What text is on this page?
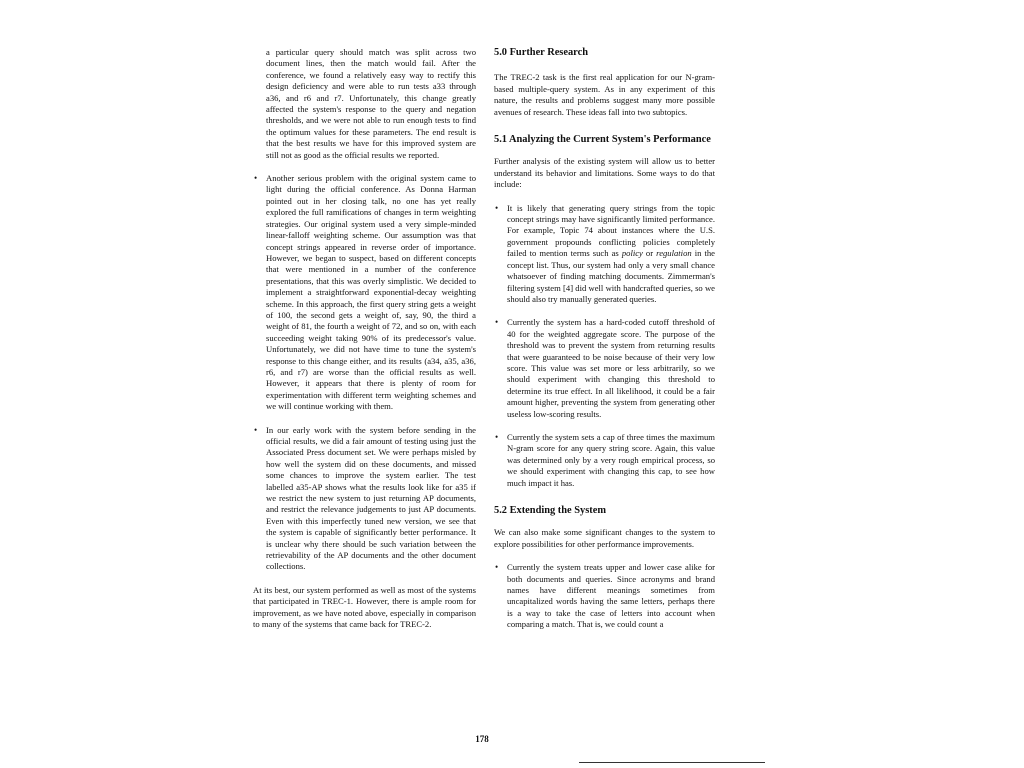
a particular query should match was split across two document lines, then the match would fail. After the conference, we found a relatively easy way to rectify this design deficiency and were able to run tests a33 through a36, and r6 and r7. Unfortunately, this change greatly affected the system's response to the query and negation thresholds, and we were not able to run enough tests to find the optimum values for these parameters. The end result is that the best results we have for this improved system are still not as good as the official results we reported.

• Another serious problem with the original system came to light during the official conference. As Donna Harman pointed out in her closing talk, no one has yet really explored the full ramifications of changes in term weighting strategies. Our original system used a very simple-minded linear-falloff weighting scheme. Our assumption was that concept strings appeared in reverse order of importance. However, we began to suspect, based on different concepts that were mentioned in a number of the conference presentations, that this was overly simplistic. We decided to implement a straightforward exponential-decay weighting scheme. In this approach, the first query string gets a weight of 100, the second gets a weight of, say, 90, the third a weight of 81, the fourth a weight of 72, and so on, with each succeeding weight taking 90% of its predecessor's value. Unfortunately, we did not have time to tune the system's response to this change either, and its results (a34, a35, a36, r6, and r7) are worse than the official results as well. However, it appears that there is plenty of room for experimentation with different term weighting schemes and we will continue working with them.
• In our early work with the system before sending in the official results, we did a fair amount of testing using just the Associated Press document set. We were perhaps misled by how well the system did on these documents, and missed some chances to improve the system earlier. The test labelled a35-AP shows what the results look like for a35 if we restrict the new system to just returning AP documents, and restrict the relevance judgements to just AP documents. Even with this imperfectly tuned new version, we see that the system is capable of significantly better performance. It is unclear why there should be such variation between the retrievability of the AP documents and the other document collections.

At its best, our system performed as well as most of the systems that participated in TREC-1. However, there is ample room for improvement, as we have noted above, especially in comparison to many of the systems that came back for TREC-2.

5.0 Further Research

The TREC-2 task is the first real application for our N-gram-based multiple-query system. As in any experiment of this nature, the results and problems suggest many more possible avenues of research. These ideas fall into two subtopics.

5.1 Analyzing the Current System's Performance

Further analysis of the existing system will allow us to better understand its behavior and limitations. Some ways to do that include:

• It is likely that generating query strings from the topic concept strings may have significantly limited performance. For example, Topic 74 about instances where the U.S. government propounds conflicting policies completely failed to mention terms such as policy or regulation in the concept list. Thus, our system had only a very small chance whatsoever of finding matching documents. Zimmerman's filtering system [4] did well with handcrafted queries, so we should also try manually generated queries.
• Currently the system has a hard-coded cutoff threshold of 40 for the weighted aggregate score. The purpose of the threshold was to prevent the system from returning results that were guaranteed to be noise because of their very low score. This value was set more or less arbitrarily, so we should experiment with changing this threshold to determine its true effect. In all likelihood, it could be a fair amount higher, preventing the system from generating other useless low-scoring results.
• Currently the system sets a cap of three times the maximum N-gram score for any query string score. Again, this value was determined only by a very rough empirical process, so we should experiment with changing this cap, to see how much impact it has.
5.2 Extending the System

We can also make some significant changes to the system to explore possibilities for other performance improvements.

• Currently the system treats upper and lower case alike for both documents and queries. Since acronyms and brand names have different meanings sometimes from uncapitalized words having the same letters, perhaps there is a way to take the case of letters into account when comparing a match. That is, we could count a
178
